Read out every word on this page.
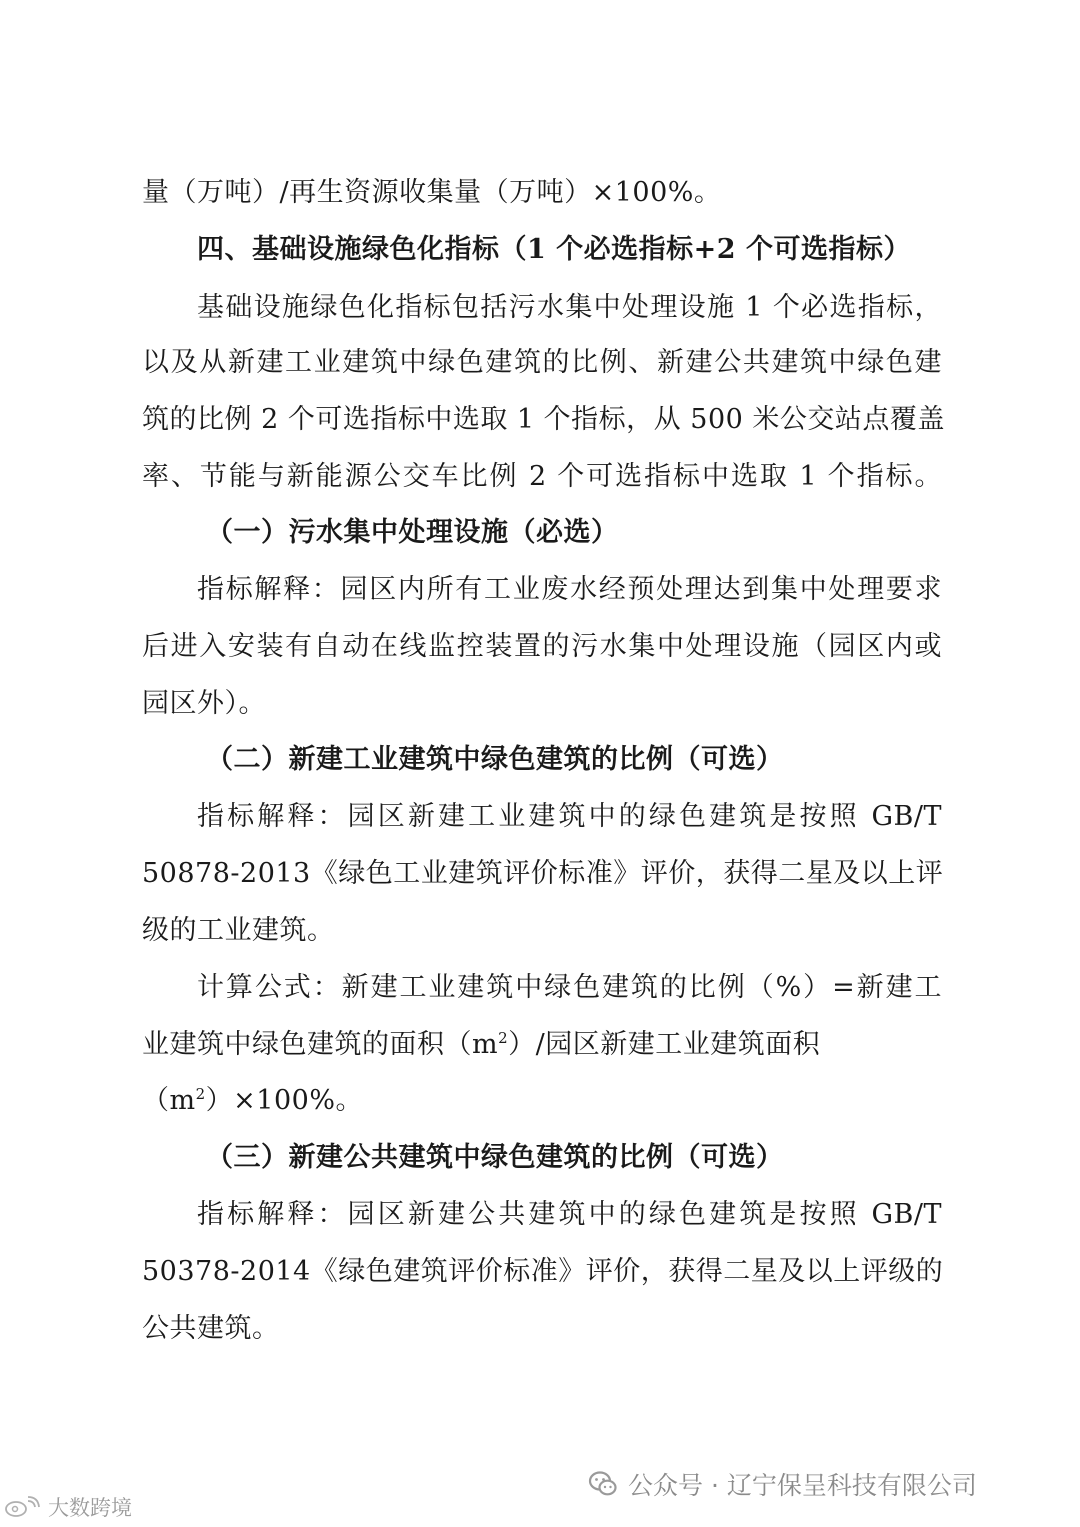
量（万吨）/再生资源收集量（万吨）×100%。
四、基础设施绿色化指标（1 个必选指标+2 个可选指标）
基础设施绿色化指标包括污水集中处理设施 1 个必选指标，
以及从新建工业建筑中绿色建筑的比例、新建公共建筑中绿色建
筑的比例 2 个可选指标中选取 1 个指标，从 500 米公交站点覆盖
率、节能与新能源公交车比例 2 个可选指标中选取 1 个指标。
（一）污水集中处理设施（必选）
指标解释：园区内所有工业废水经预处理达到集中处理要求
后进入安装有自动在线监控装置的污水集中处理设施（园区内或
园区外）。
（二）新建工业建筑中绿色建筑的比例（可选）
指标解释：园区新建工业建筑中的绿色建筑是按照 GB/T
50878-2013《绿色工业建筑评价标准》评价，获得二星及以上评
级的工业建筑。
计算公式：新建工业建筑中绿色建筑的比例（%）=新建工
业建筑中绿色建筑的面积$(m^2)/$园区新建工业建筑面积
$(m^2)\times 100\%$。
（三）新建公共建筑中绿色建筑的比例（可选）
指标解释：园区新建公共建筑中的绿色建筑是按照 GB/T
50378-2014《绿色建筑评价标准》评价，获得二星及以上评级的
公共建筑。
公众号 · 辽宁保呈科技有限公司
大数跨境
